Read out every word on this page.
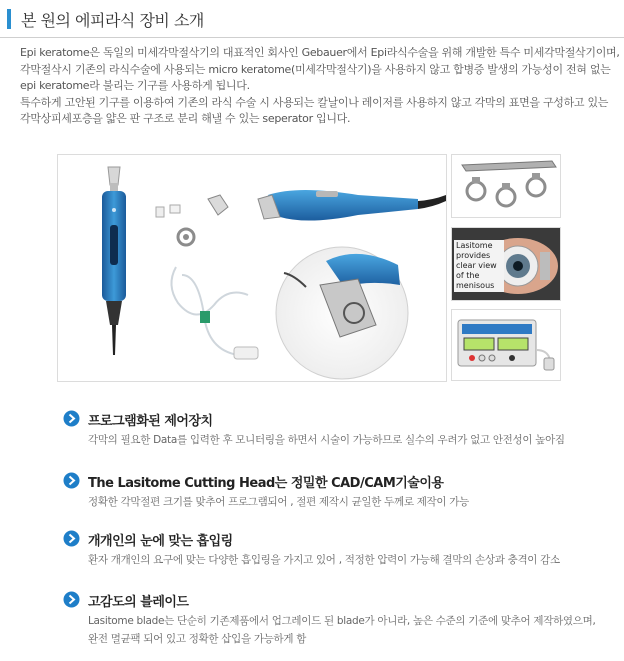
본 원의 에피라식 장비 소개

Epi keratome은 독일의 미세각막절삭기의 대표적인 회사인 Gebauer에서 Epi라식수술을 위해 개발한 특수 미세각막절삭기이며, 각막절삭시 기존의 라식수술에 사용되는 micro keratome(미세각막절삭기)을 사용하지 않고 합병증 발생의 가능성이 전혀 없는 epi keratome라 불리는 기구를 사용하게 됩니다.

특수하게 고안된 기구를 이용하여 기존의 라식 수술 시 사용되는 칼날이나 레이저를 사용하지 않고 각막의 표면을 구성하고 있는 각막상피세포층을 얇은 판 구조로 분리 해낼 수 있는 seperator 입니다.

Lasitome provides clear view of the menisous
프로그램화된 제어장치
각막의 필요한 Data를 입력한 후 모니터링을 하면서 시술이 가능하므로 실수의 우려가 없고 안전성이 높아짐
The Lasitome Cutting Head는 정밀한 CAD/CAM기술이용
정확한 각막절편 크기를 맞추어 프로그램되어 , 절편 제작시 균일한 두께로 제작이 가능
개개인의 눈에 맞는 흡입링
환자 개개인의 요구에 맞는 다양한 흡입링을 가지고 있어 , 적정한 압력이 가능해 결막의 손상과 충격이 감소
고감도의 블레이드
Lasitome blade는 단순히 기존제품에서 업그레이드 된 blade가 아니라, 높은 수준의 기준에 맞추어 제작하였으며, 완전 멸균팩 되어 있고 정확한 삽입을 가능하게 함
